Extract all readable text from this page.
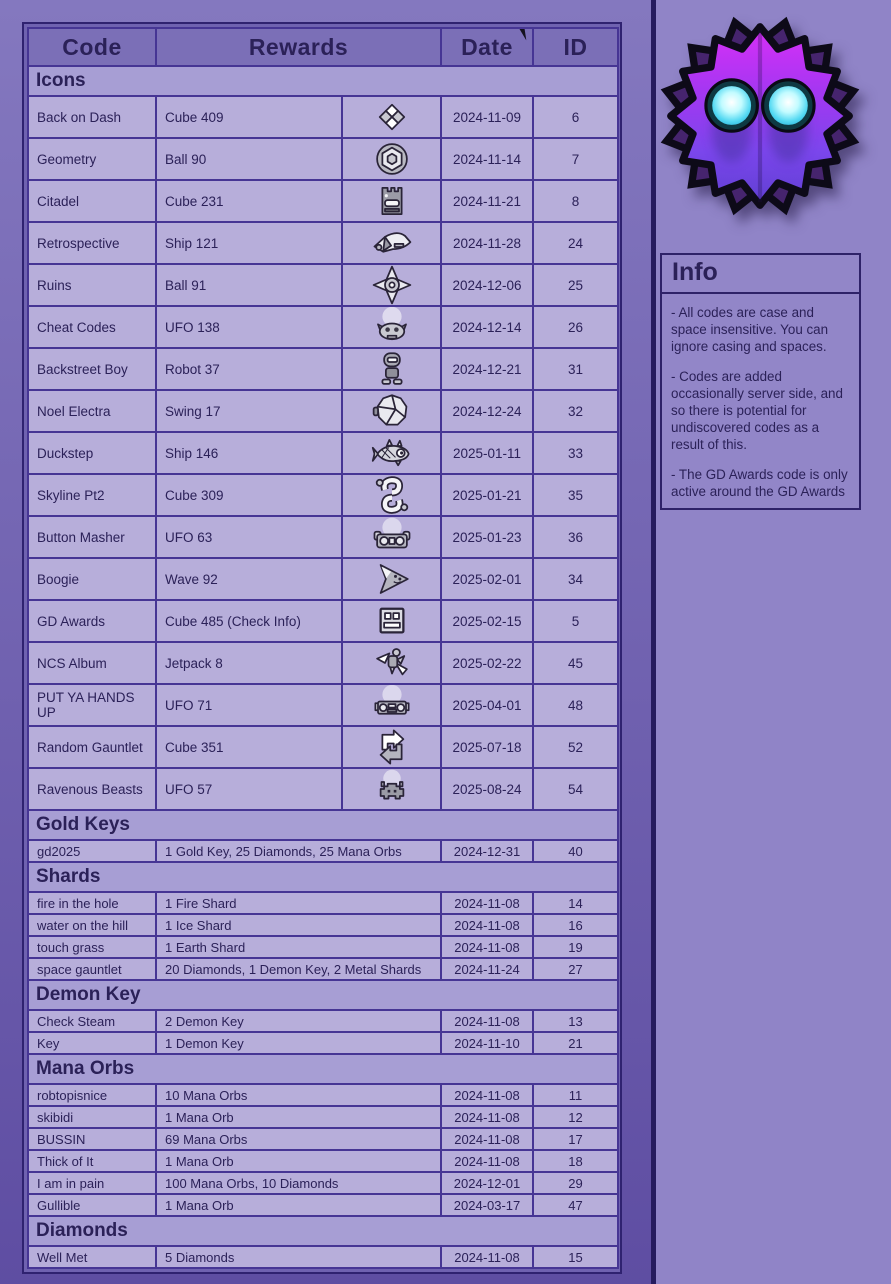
Code	Rewards		Date	ID
Icons				
Back on Dash	Cube 409		2024-11-09	6
Geometry	Ball 90		2024-11-14	7
Citadel	Cube 231		2024-11-21	8
Retrospective	Ship 121		2024-11-28	24
Ruins	Ball 91		2024-12-06	25
Cheat Codes	UFO 138		2024-12-14	26
Backstreet Boy	Robot 37		2024-12-21	31
Noel Electra	Swing 17		2024-12-24	32
Duckstep	Ship 146		2025-01-11	33
Skyline Pt2	Cube 309		2025-01-21	35
Button Masher	UFO 63		2025-01-23	36
Boogie	Wave 92		2025-02-01	34
GD Awards	Cube 485 (Check Info)		2025-02-15	5
NCS Album	Jetpack 8		2025-02-22	45
PUT YA HANDS UP	UFO 71		2025-04-01	48
Random Gauntlet	Cube 351		2025-07-18	52
Ravenous Beasts	UFO 57		2025-08-24	54
Gold Keys				
gd2025	1 Gold Key, 25 Diamonds, 25 Mana Orbs		2024-12-31	40
Shards				
fire in the hole	1 Fire Shard		2024-11-08	14
water on the hill	1 Ice Shard		2024-11-08	16
touch grass	1 Earth Shard		2024-11-08	19
space gauntlet	20 Diamonds, 1 Demon Key, 2 Metal Shards		2024-11-24	27
Demon Key				
Check Steam	2 Demon Key		2024-11-08	13
Key	1 Demon Key		2024-11-10	21
Mana Orbs				
robtopisnice	10 Mana Orbs		2024-11-08	11
skibidi	1 Mana Orb		2024-11-08	12
BUSSIN	69 Mana Orbs		2024-11-08	17
Thick of It	1 Mana Orb		2024-11-08	18
I am in pain	100 Mana Orbs, 10 Diamonds		2024-12-01	29
Gullible	1 Mana Orb		2024-03-17	47
Diamonds				
Well Met	5 Diamonds		2024-11-08	15
Info
- All codes are case and space insensitive. You can ignore casing and spaces.
- Codes are added occasionally server side, and so there is potential for undiscovered codes as a result of this.
- The GD Awards code is only active around the GD Awards
